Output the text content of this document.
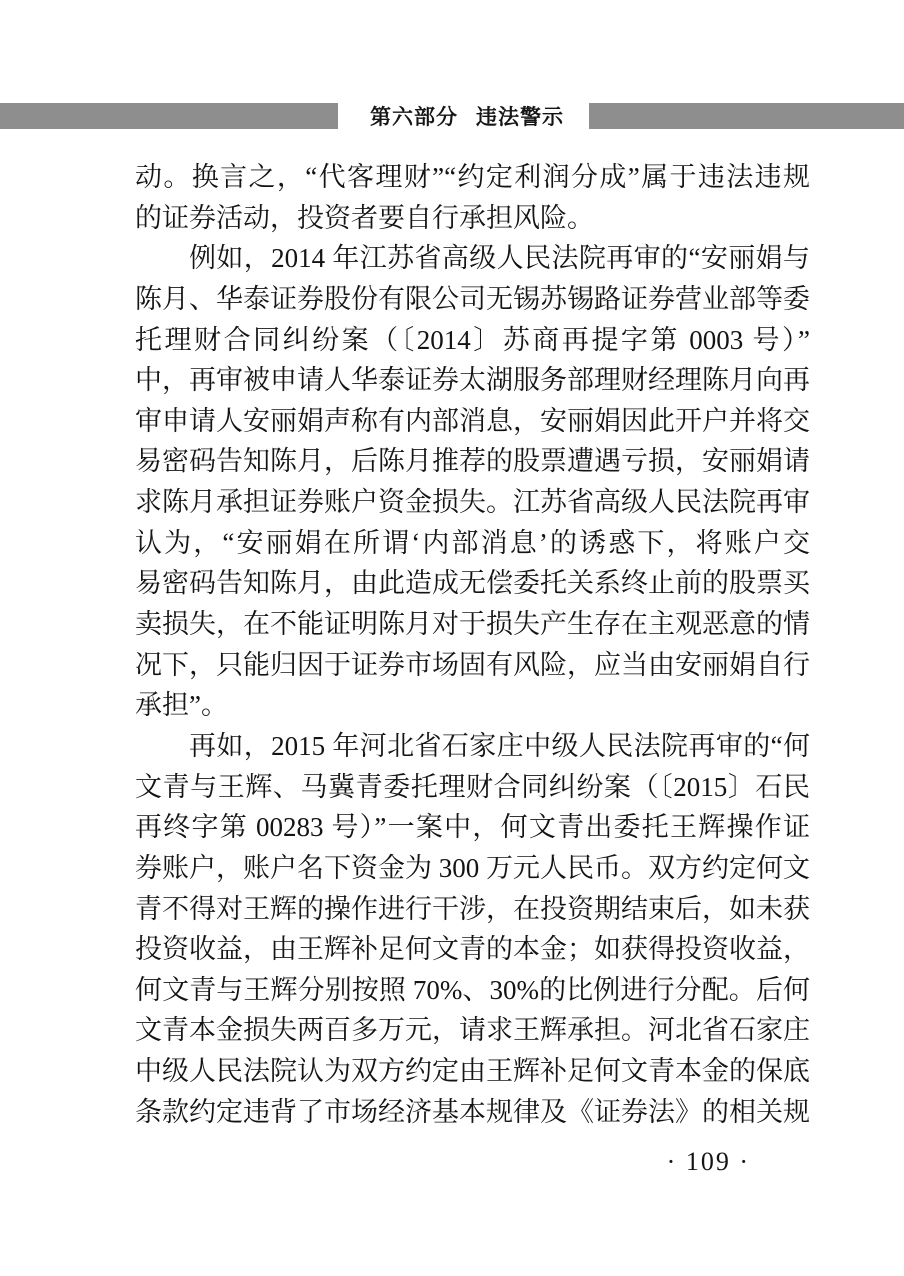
第六部分 违法警示
动。换言之，“代客理财”“约定利润分成”属于违法违规
的证券活动，投资者要自行承担风险。
例如，2014 年江苏省高级人民法院再审的“安丽娟与
陈月、华泰证券股份有限公司无锡苏锡路证券营业部等委
托理财合同纠纷案（〔2014〕苏商再提字第 0003 号）”
中，再审被申请人华泰证券太湖服务部理财经理陈月向再
审申请人安丽娟声称有内部消息，安丽娟因此开户并将交
易密码告知陈月，后陈月推荐的股票遭遇亏损，安丽娟请
求陈月承担证券账户资金损失。江苏省高级人民法院再审
认为，“安丽娟在所谓‘内部消息’的诱惑下，将账户交
易密码告知陈月，由此造成无偿委托关系终止前的股票买
卖损失，在不能证明陈月对于损失产生存在主观恶意的情
况下，只能归因于证券市场固有风险，应当由安丽娟自行
承担”。
再如，2015 年河北省石家庄中级人民法院再审的“何
文青与王辉、马冀青委托理财合同纠纷案（〔2015〕石民
再终字第 00283 号）”一案中，何文青出委托王辉操作证
券账户，账户名下资金为 300 万元人民币。双方约定何文
青不得对王辉的操作进行干涉，在投资期结束后，如未获
投资收益，由王辉补足何文青的本金；如获得投资收益，
何文青与王辉分别按照 70%、30%的比例进行分配。后何
文青本金损失两百多万元，请求王辉承担。河北省石家庄
中级人民法院认为双方约定由王辉补足何文青本金的保底
条款约定违背了市场经济基本规律及《证券法》的相关规
· 109 ·
